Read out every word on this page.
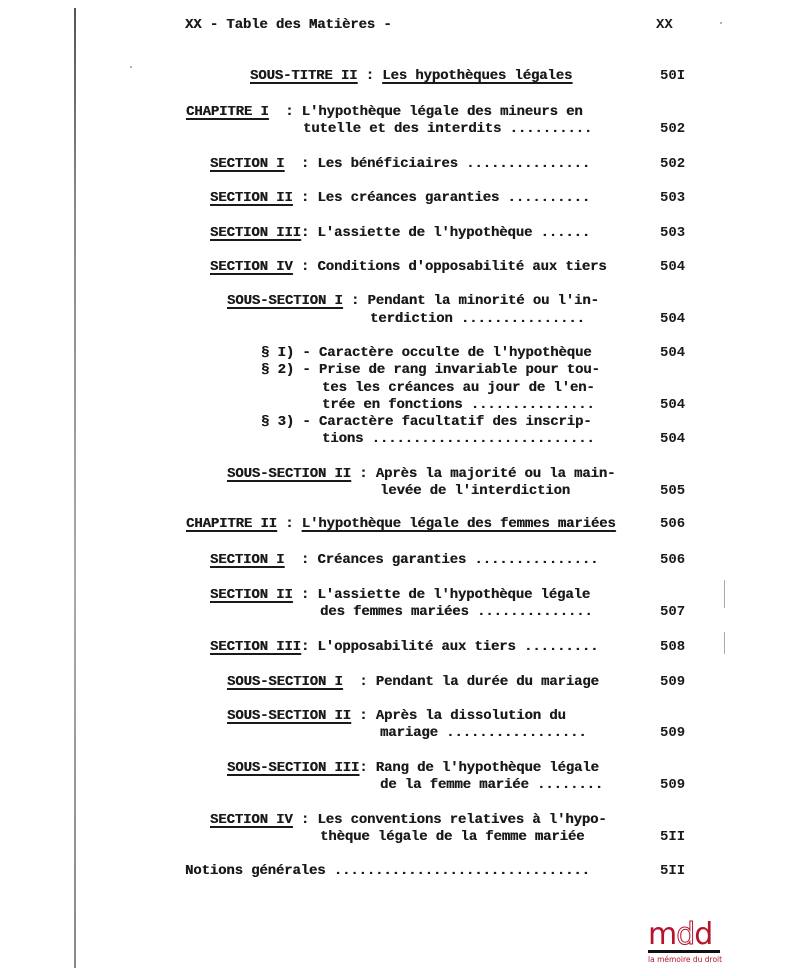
XX - Table des Matières -	XX
SOUS-TITRE II : Les hypothèques légales	50I
CHAPITRE I  : L'hypothèque légale des mineurs en
tutelle et des interdits ..........	502
SECTION I  : Les bénéficiaires ...............	502
SECTION II : Les créances garanties ..........	503
SECTION III: L'assiette de l'hypothèque ......	503
SECTION IV : Conditions d'opposabilité aux tiers	504
SOUS-SECTION I : Pendant la minorité ou l'in-
terdiction ...............	504
§ I) - Caractère occulte de l'hypothèque	504
§ 2) - Prise de rang invariable pour tou-
tes les créances au jour de l'en-
trée en fonctions ...............	504
§ 3) - Caractère facultatif des inscrip-
tions ...........................	504
SOUS-SECTION II : Après la majorité ou la main-
levée de l'interdiction	505
CHAPITRE II : L'hypothèque légale des femmes mariées	506
SECTION I  : Créances garanties ...............	506
SECTION II : L'assiette de l'hypothèque légale
des femmes mariées ..............	507
SECTION III: L'opposabilité aux tiers .........	508
SOUS-SECTION I  : Pendant la durée du mariage	509
SOUS-SECTION II : Après la dissolution du
mariage .................	509
SOUS-SECTION III: Rang de l'hypothèque légale
de la femme mariée ........	509
SECTION IV : Les conventions relatives à l'hypo-
thèque légale de la femme mariée	5II
Notions générales ...............................	5II
mdd
la mémoire du droit
